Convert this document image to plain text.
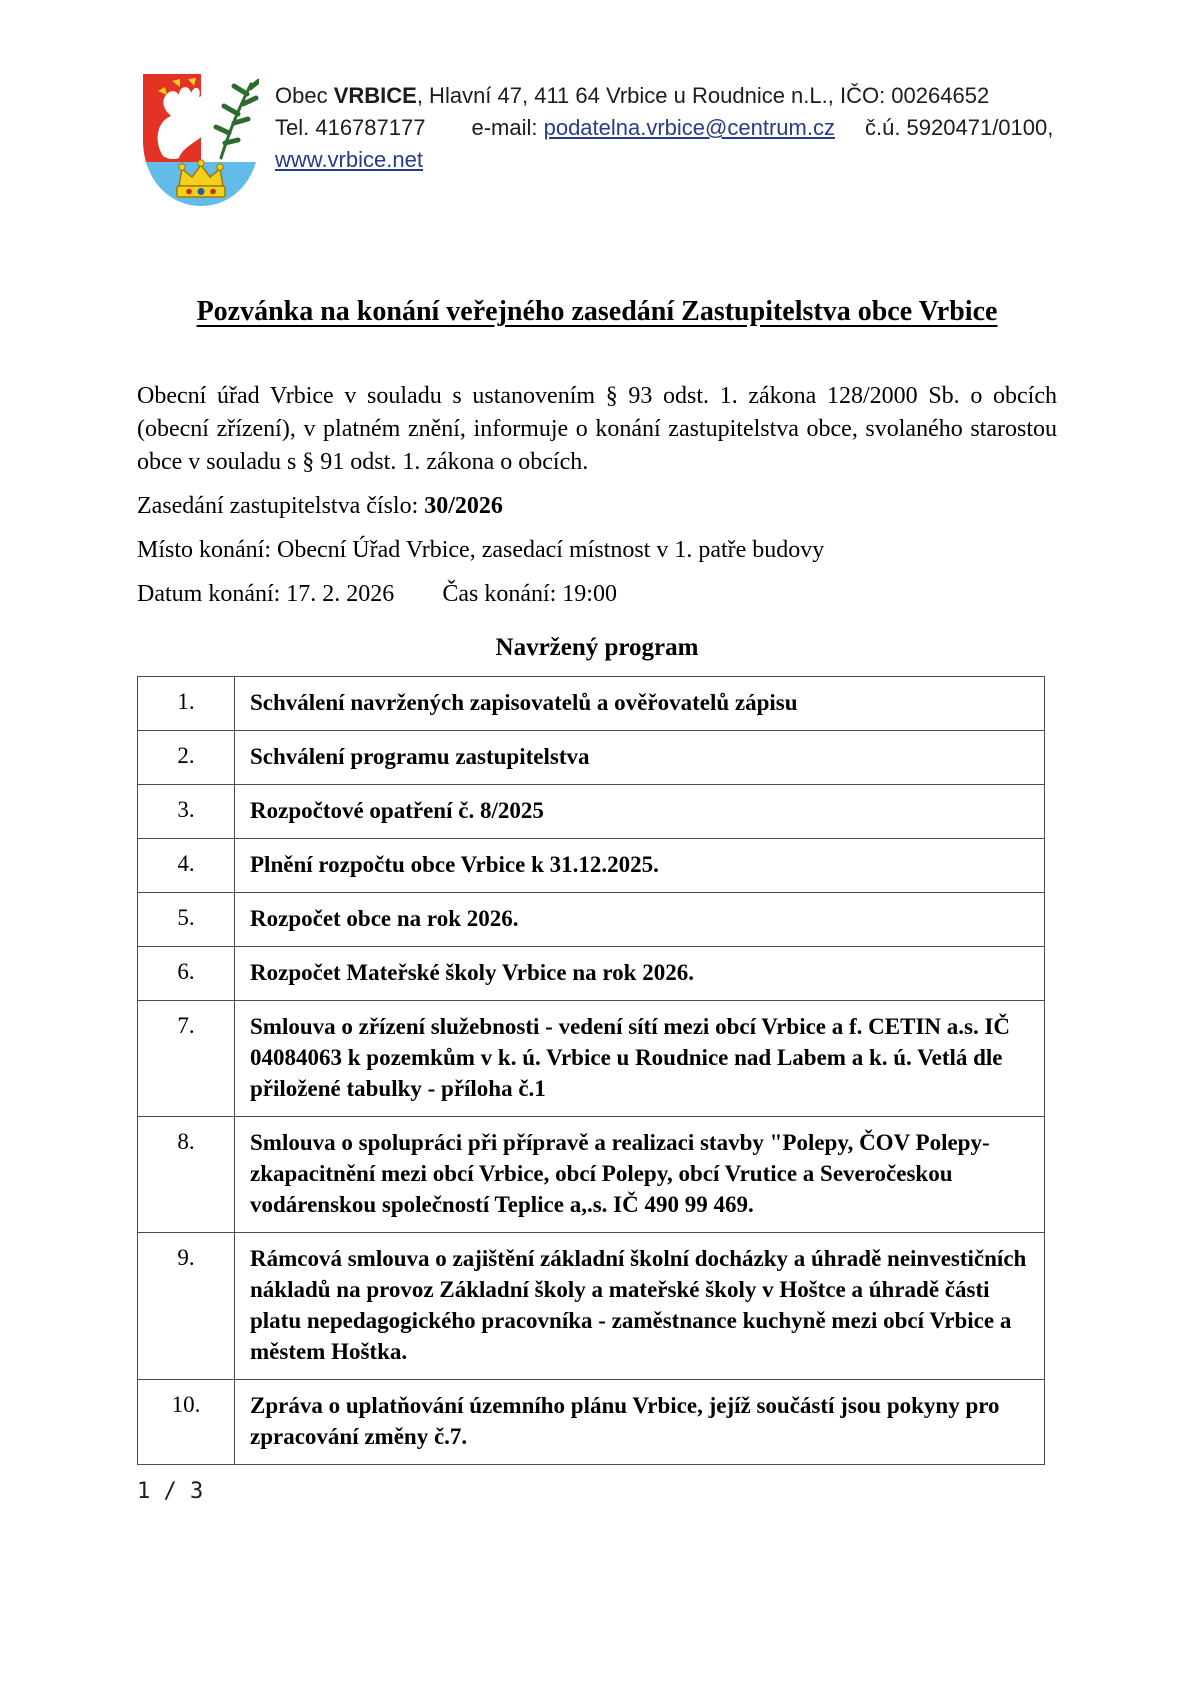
Obec VRBICE, Hlavní 47, 411 64 Vrbice u Roudnice n.L., IČO: 00264652

Tel. 416787177 e-mail: podatelna.vrbice@centrum.cz č.ú. 5920471/0100,

www.vrbice.net

Pozvánka na konání veřejného zasedání Zastupitelstva obce Vrbice

Obecní úřad Vrbice v souladu s ustanovením § 93 odst. 1. zákona 128/2000 Sb. o obcích (obecní zřízení), v platném znění, informuje o konání zastupitelstva obce, svolaného starostou obce v souladu s § 91 odst. 1. zákona o obcích.

Zasedání zastupitelstva číslo: 30/2026

Místo konání: Obecní Úřad Vrbice, zasedací místnost v 1. patře budovy

Datum konání: 17. 2. 2026 Čas konání: 19:00

Navržený program
1.	Schválení navržených zapisovatelů a ověřovatelů zápisu
2.	Schválení programu zastupitelstva
3.	Rozpočtové opatření č. 8/2025
4.	Plnění rozpočtu obce Vrbice k 31.12.2025.
5.	Rozpočet obce na rok 2026.
6.	Rozpočet Mateřské školy Vrbice na rok 2026.
7.	Smlouva o zřízení služebnosti - vedení sítí mezi obcí Vrbice a f. CETIN a.s. IČ 04084063 k pozemkům v k. ú. Vrbice u Roudnice nad Labem a k. ú. Vetlá dle přiložené tabulky - příloha č.1
8.	Smlouva o spolupráci při přípravě a realizaci stavby "Polepy, ČOV Polepy-zkapacitnění mezi obcí Vrbice, obcí Polepy, obcí Vrutice a Severočeskou vodárenskou společností Teplice a,.s. IČ 490 99 469.
9.	Rámcová smlouva o zajištění základní školní docházky a úhradě neinvestičních nákladů na provoz Základní školy a mateřské školy v Hoštce a úhradě části platu nepedagogického pracovníka - zaměstnance kuchyně mezi obcí Vrbice a městem Hoštka.
10.	Zpráva o uplatňování územního plánu Vrbice, jejíž součástí jsou pokyny pro zpracování změny č.7.
1 / 3
